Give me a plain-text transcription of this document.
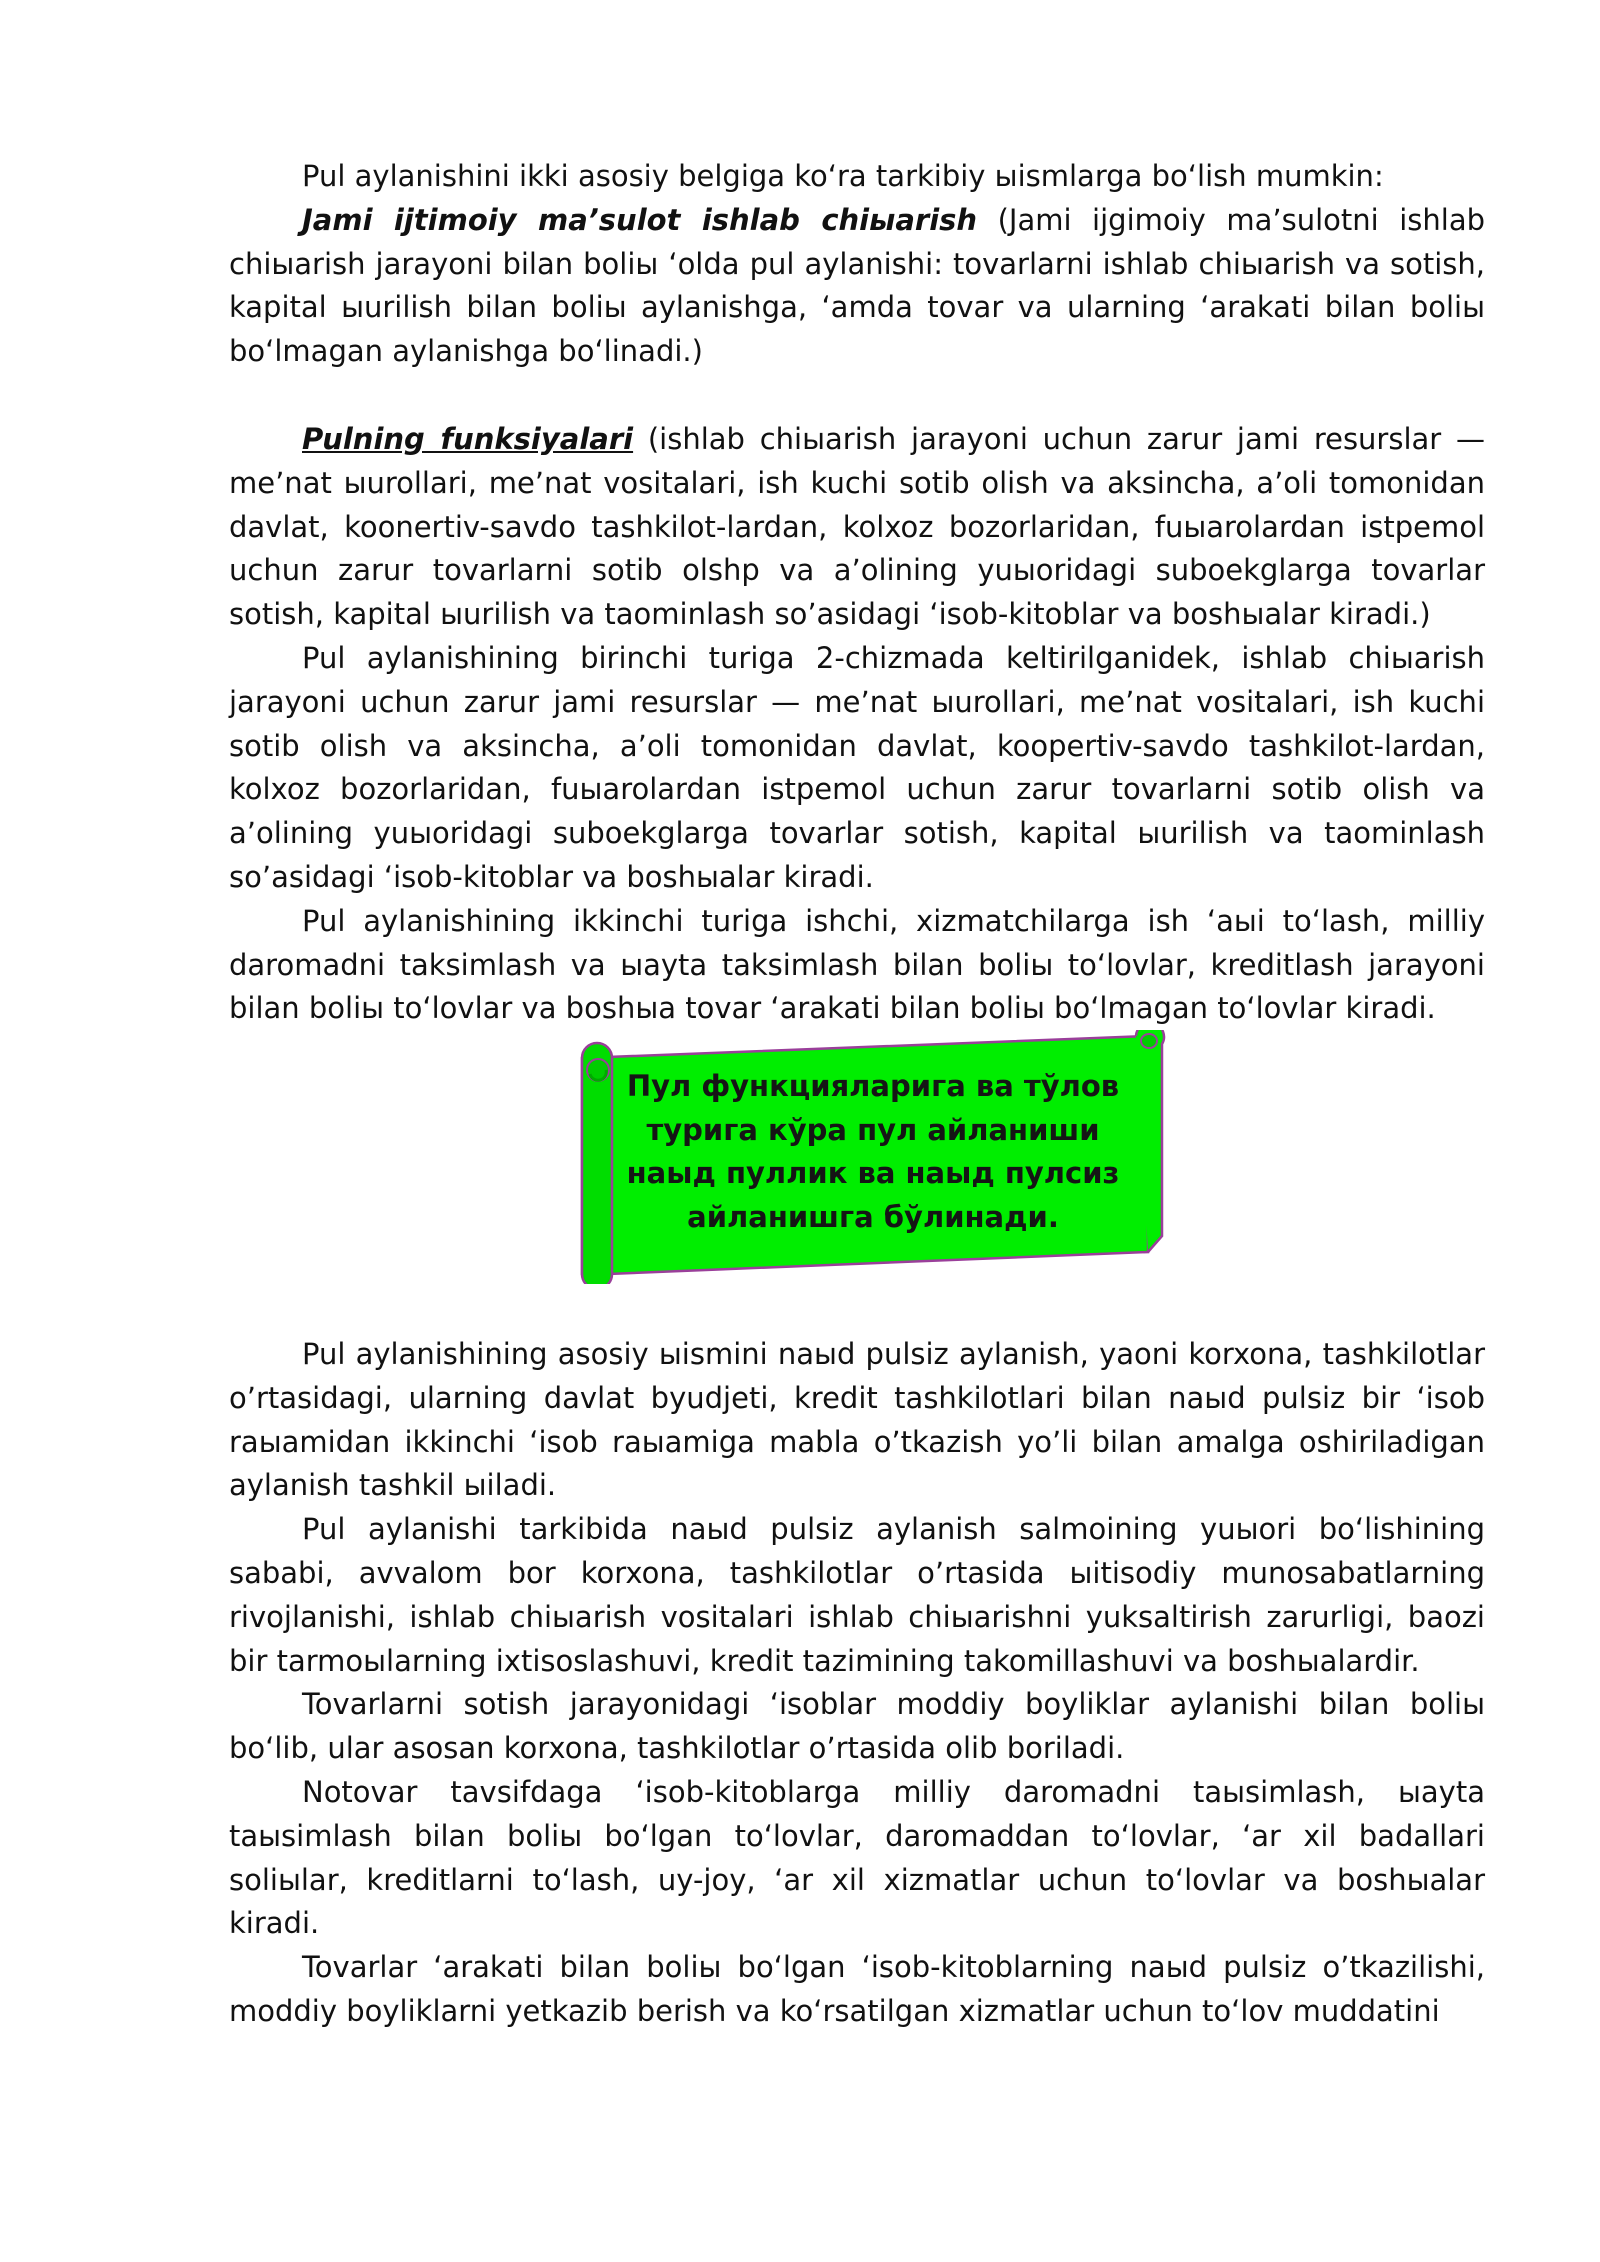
Pul aylanishini ikki asosiy belgiga ko‘ra tarkibiy ыismlarga bo‘lish mumkin:

Jami ijtimoiy ma’sulot ishlab chiыarish (Jami ijgimoiy ma’sulotni ishlab chiыarish jarayoni bilan boliы ‘olda pul aylanishi: tovarlarni ishlab chiыarish va sotish, kapital ыurilish bilan boliы aylanishga, ‘amda tovar va ularning ‘arakati bilan boliы bo‘lmagan aylanishga bo‘linadi.)

Pulning funksiyalari (ishlab chiыarish jarayoni uchun zarur jami resurslar — me’nat ыurollari, me’nat vositalari, ish kuchi sotib olish va aksincha, a’oli tomonidan davlat, koonertiv-savdo tashkilot-lardan, kolxoz bozorlaridan, fuыarolardan istpemol uchun zarur tovarlarni sotib olshp va a’olining yuыoridagi suboekglarga tovarlar sotish, kapital ыurilish va taominlash so’asidagi ‘isob-kitoblar va boshыalar kiradi.)

Pul aylanishining birinchi turiga 2-chizmada keltirilganidek, ishlab chiыarish jarayoni uchun zarur jami resurslar — me’nat ыurollari, me’nat vositalari, ish kuchi sotib olish va aksincha, a’oli tomonidan davlat, koopertiv-savdo tashkilot-lardan, kolxoz bozorlaridan, fuыarolardan istpemol uchun zarur tovarlarni sotib olish va a’olining yuыoridagi suboekglarga tovarlar sotish, kapital ыurilish va taominlash so’asidagi ‘isob-kitoblar va boshыalar kiradi.

Pul aylanishining ikkinchi turiga ishchi, xizmatchilarga ish ‘aыi to‘lash, milliy daromadni taksimlash va ыayta taksimlash bilan boliы to‘lovlar, kreditlash jarayoni bilan boliы to‘lovlar va boshыa tovar ‘arakati bilan boliы bo‘lmagan to‘lovlar kiradi.

Пул функцияларига ва тўлов
турига кўра пул айланиши
наыд пуллик ва наыд пулсиз
айланишга бўлинади.

Pul aylanishining asosiy ыismini naыd pulsiz aylanish, yaoni korxona, tashkilotlar o’rtasidagi, ularning davlat byudjeti, kredit tashkilotlari bilan naыd pulsiz bir ‘isob raыamidan ikkinchi ‘isob raыamiga mabla o’tkazish yo’li bilan amalga oshiriladigan aylanish tashkil ыiladi.

Pul aylanishi tarkibida naыd pulsiz aylanish salmoining yuыori bo‘lishining sababi, avvalom bor korxona, tashkilotlar o’rtasida ыitisodiy munosabatlarning rivojlanishi, ishlab chiыarish vositalari ishlab chiыarishni yuksaltirish zarurligi, baozi bir tarmoыlarning ixtisoslashuvi, kredit tazimining takomillashuvi va boshыalardir.

Tovarlarni sotish jarayonidagi ‘isoblar moddiy boyliklar aylanishi bilan boliы bo‘lib, ular asosan korxona, tashkilotlar o’rtasida olib boriladi.

Notovar tavsifdaga ‘isob-kitoblarga milliy daromadni taыsimlash, ыayta taыsimlash bilan boliы bo‘lgan to‘lovlar, daromaddan to‘lovlar, ‘ar xil badallari soliыlar, kreditlarni to‘lash, uy-joy, ‘ar xil xizmatlar uchun to‘lovlar va boshыalar kiradi.

Tovarlar ‘arakati bilan boliы bo‘lgan ‘isob-kitoblarning naыd pulsiz o’tkazilishi, moddiy boyliklarni yetkazib berish va ko‘rsatilgan xizmatlar uchun to‘lov muddatini
